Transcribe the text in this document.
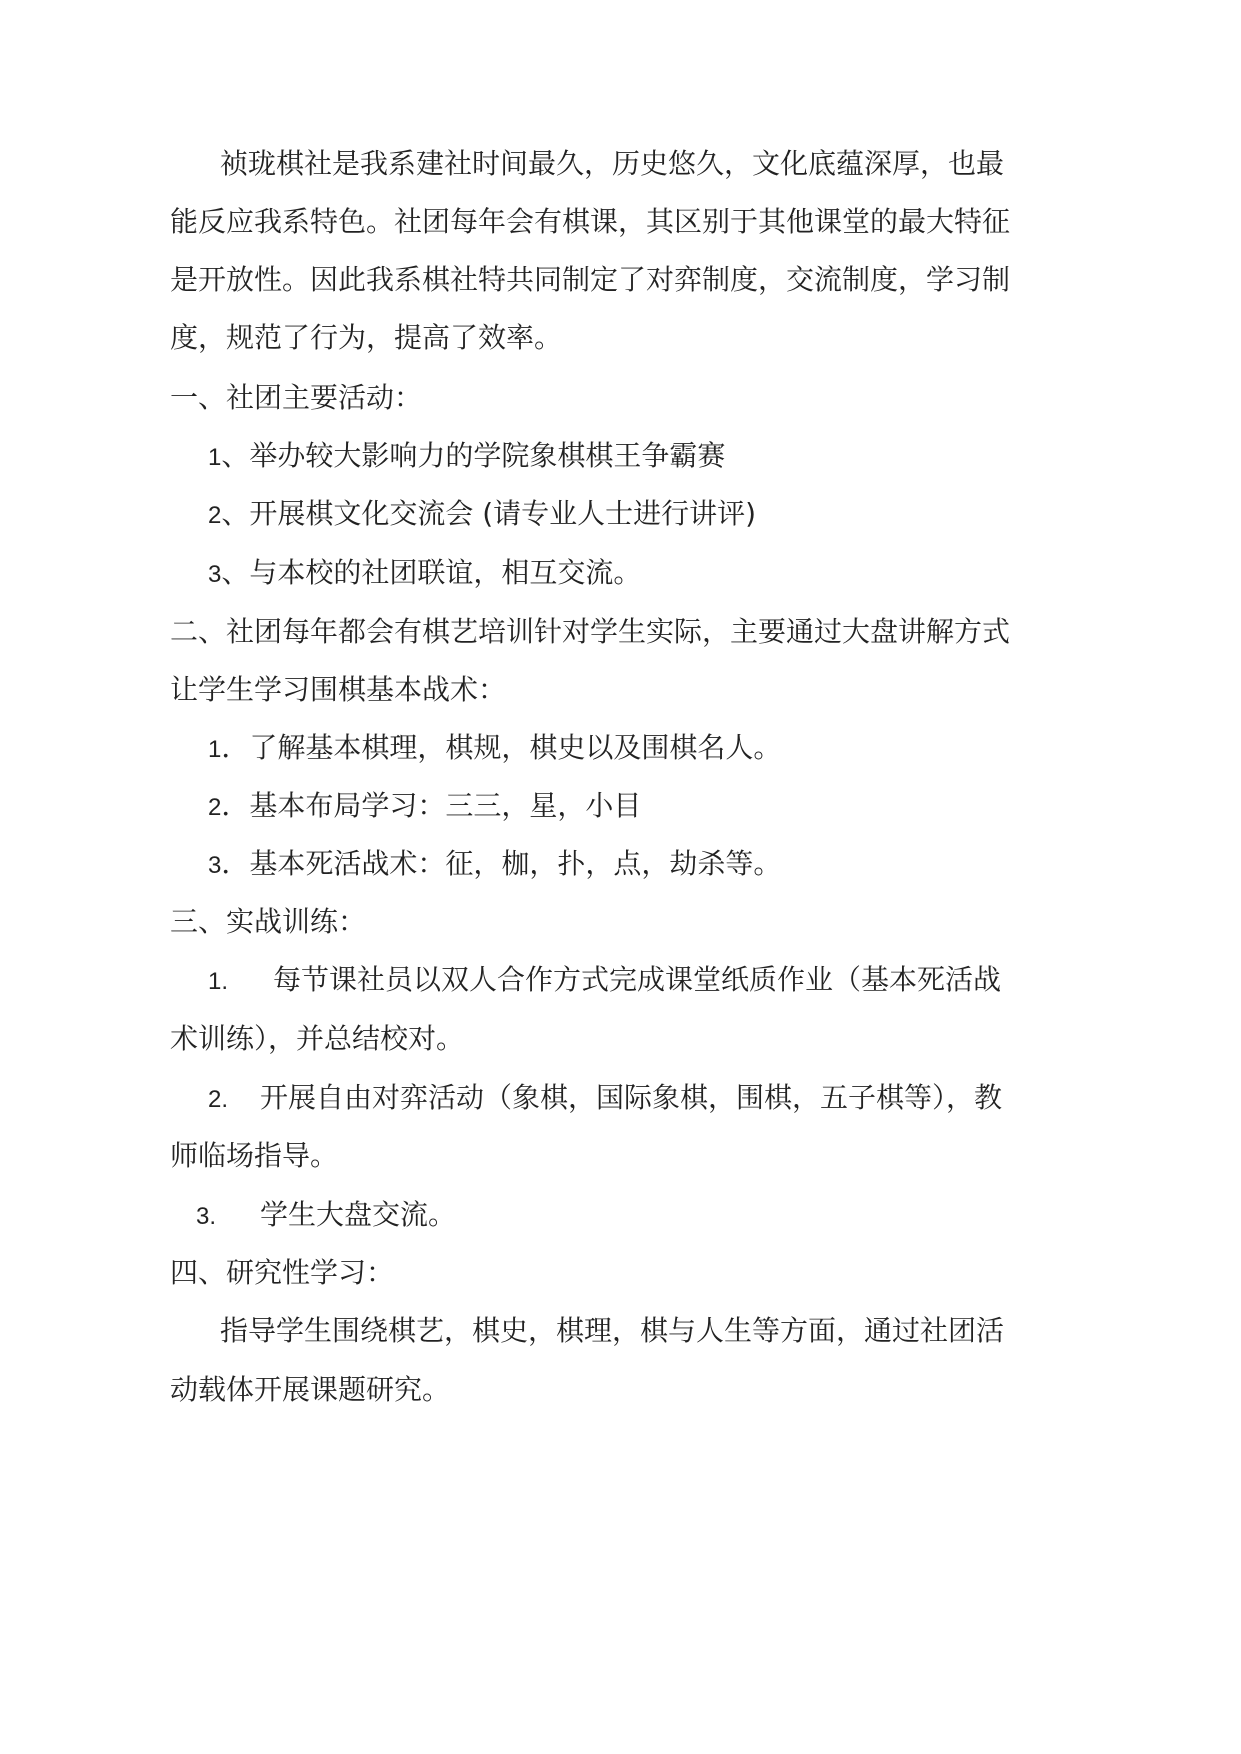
祯珑棋社是我系建社时间最久，历史悠久，文化底蕴深厚，也最
能反应我系特色。社团每年会有棋课，其区别于其他课堂的最大特征
是开放性。因此我系棋社特共同制定了对弈制度，交流制度，学习制
度，规范了行为，提高了效率。
一、社团主要活动：
1、举办较大影响力的学院象棋棋王争霸赛
2、开展棋文化交流会 (请专业人士进行讲评)
3、与本校的社团联谊，相互交流。
二、社团每年都会有棋艺培训针对学生实际，主要通过大盘讲解方式
让学生学习围棋基本战术：
1．了解基本棋理，棋规，棋史以及围棋名人。
2．基本布局学习：三三，星，小目
3．基本死活战术：征，枷，扑，点，劫杀等。
三、实战训练：
1. 每节课社员以双人合作方式完成课堂纸质作业（基本死活战
术训练），并总结校对。
2. 开展自由对弈活动（象棋，国际象棋，围棋，五子棋等），教
师临场指导。
3. 学生大盘交流。
四、研究性学习：
指导学生围绕棋艺，棋史，棋理，棋与人生等方面，通过社团活
动载体开展课题研究。
